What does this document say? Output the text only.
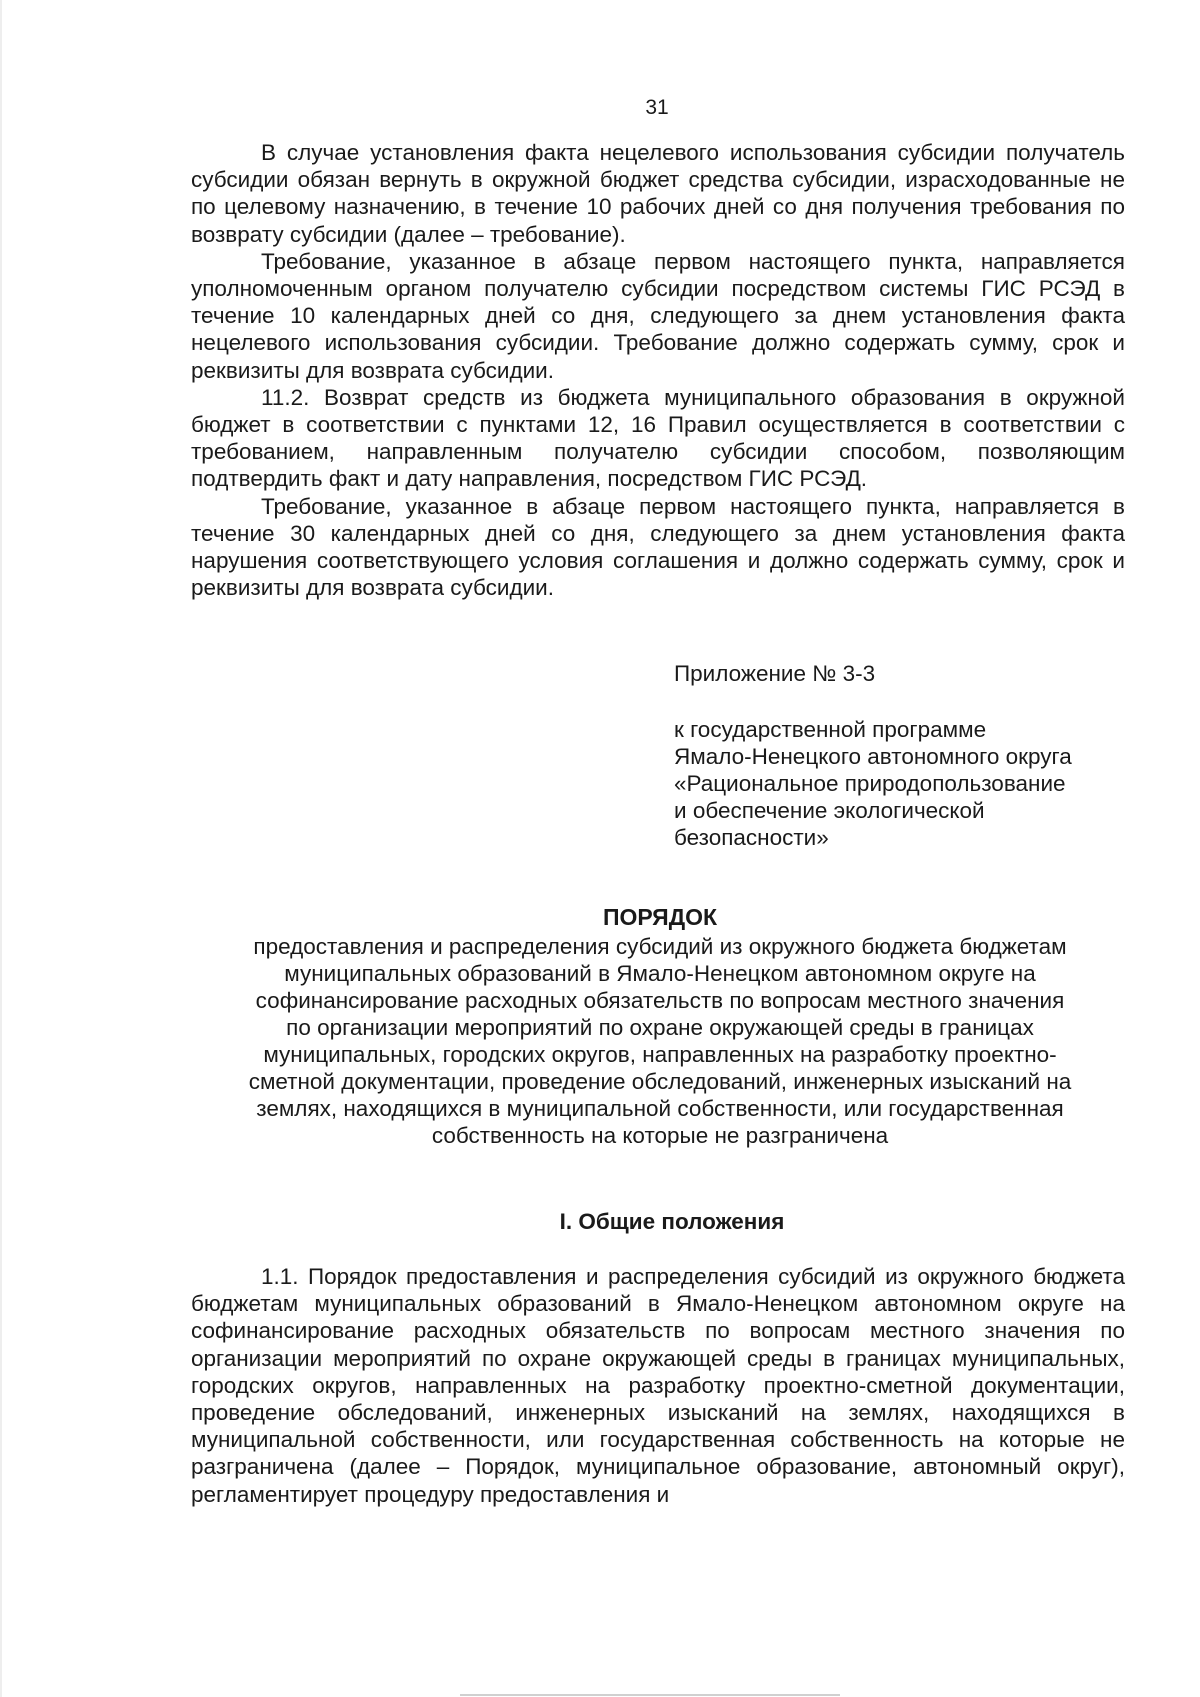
31

В случае установления факта нецелевого использования субсидии получатель субсидии обязан вернуть в окружной бюджет средства субсидии, израсходованные не по целевому назначению, в течение 10 рабочих дней со дня получения требования по возврату субсидии (далее – требование).

Требование, указанное в абзаце первом настоящего пункта, направляется уполномоченным органом получателю субсидии посредством системы ГИС РСЭД в течение 10 календарных дней со дня, следующего за днем установления факта нецелевого использования субсидии. Требование должно содержать сумму, срок и реквизиты для возврата субсидии.

11.2. Возврат средств из бюджета муниципального образования в окружной бюджет в соответствии с пунктами 12, 16 Правил осуществляется в соответствии с требованием, направленным получателю субсидии способом, позволяющим подтвердить факт и дату направления, посредством ГИС РСЭД.

Требование, указанное в абзаце первом настоящего пункта, направляется в течение 30 календарных дней со дня, следующего за днем установления факта нарушения соответствующего условия соглашения и должно содержать сумму, срок и реквизиты для возврата субсидии.

Приложение № 3-3
к государственной программе
Ямало-Ненецкого автономного округа
«Рациональное природопользование
и обеспечение экологической
безопасности»
ПОРЯДОК
предоставления и распределения субсидий из окружного бюджета бюджетам
муниципальных образований в Ямало-Ненецком автономном округе на
софинансирование расходных обязательств по вопросам местного значения
по организации мероприятий по охране окружающей среды в границах
муниципальных, городских округов, направленных на разработку проектно-
сметной документации, проведение обследований, инженерных изысканий на
землях, находящихся в муниципальной собственности, или государственная
собственность на которые не разграничена
I. Общие положения

1.1. Порядок предоставления и распределения субсидий из окружного бюджета бюджетам муниципальных образований в Ямало-Ненецком автономном округе на софинансирование расходных обязательств по вопросам местного значения по организации мероприятий по охране окружающей среды в границах муниципальных, городских округов, направленных на разработку проектно-сметной документации, проведение обследований, инженерных изысканий на землях, находящихся в муниципальной собственности, или государственная собственность на которые не разграничена (далее – Порядок, муниципальное образование, автономный округ), регламентирует процедуру предоставления и
